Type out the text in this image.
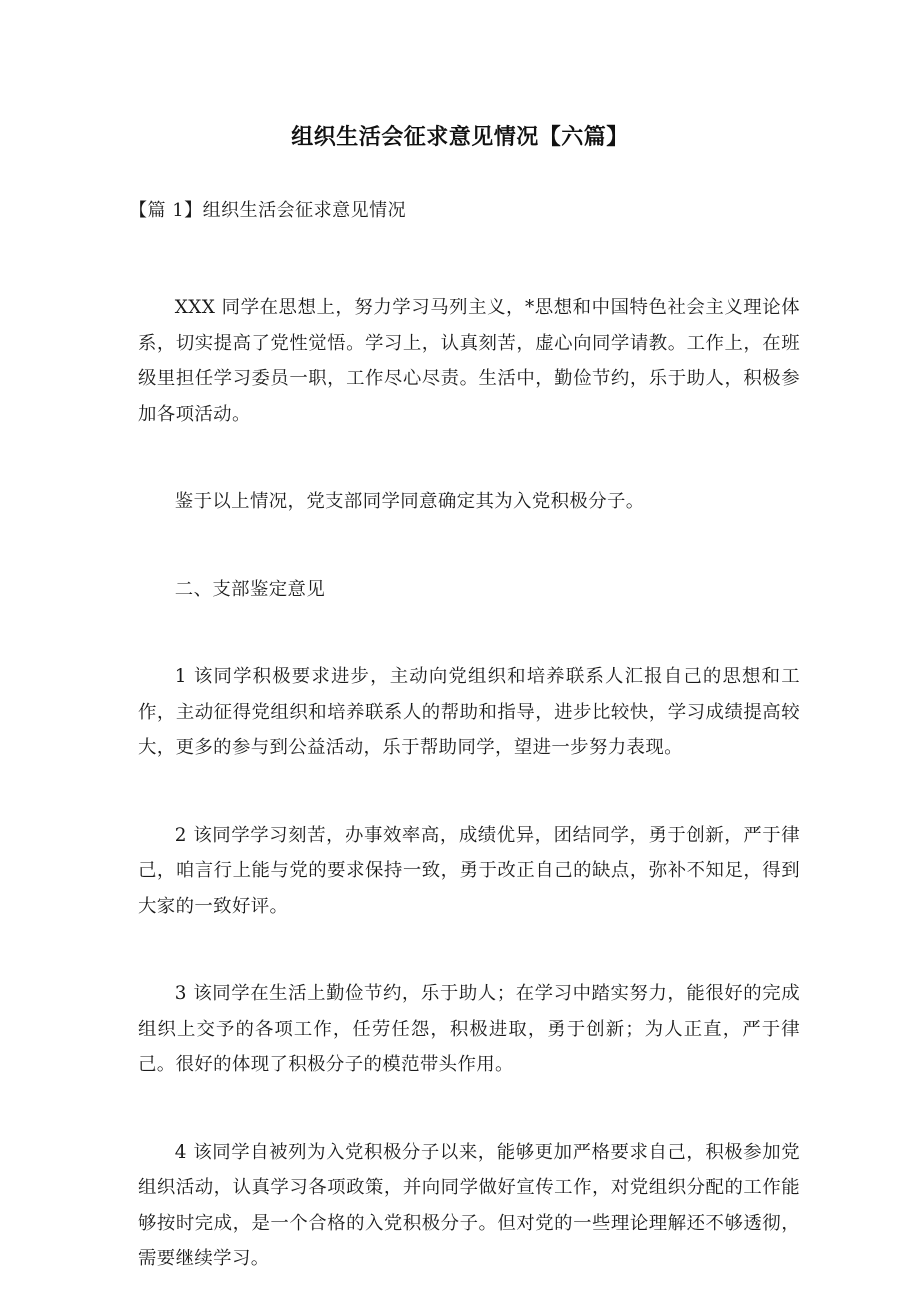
组织生活会征求意见情况【六篇】
【篇 1】组织生活会征求意见情况

XXX 同学在思想上，努力学习马列主义，*思想和中国特色社会主义理论体系，切实提高了党性觉悟。学习上，认真刻苦，虚心向同学请教。工作上，在班级里担任学习委员一职，工作尽心尽责。生活中，勤俭节约，乐于助人，积极参加各项活动。

鉴于以上情况，党支部同学同意确定其为入党积极分子。

二、支部鉴定意见

1 该同学积极要求进步，主动向党组织和培养联系人汇报自己的思想和工作，主动征得党组织和培养联系人的帮助和指导，进步比较快，学习成绩提高较大，更多的参与到公益活动，乐于帮助同学，望进一步努力表现。

2 该同学学习刻苦，办事效率高，成绩优异，团结同学，勇于创新，严于律己，咱言行上能与党的要求保持一致，勇于改正自己的缺点，弥补不知足，得到大家的一致好评。

3 该同学在生活上勤俭节约，乐于助人；在学习中踏实努力，能很好的完成组织上交予的各项工作，任劳任怨，积极进取，勇于创新；为人正直，严于律己。很好的体现了积极分子的模范带头作用。

4 该同学自被列为入党积极分子以来，能够更加严格要求自己，积极参加党组织活动，认真学习各项政策，并向同学做好宣传工作，对党组织分配的工作能够按时完成，是一个合格的入党积极分子。但对党的一些理论理解还不够透彻，需要继续学习。
